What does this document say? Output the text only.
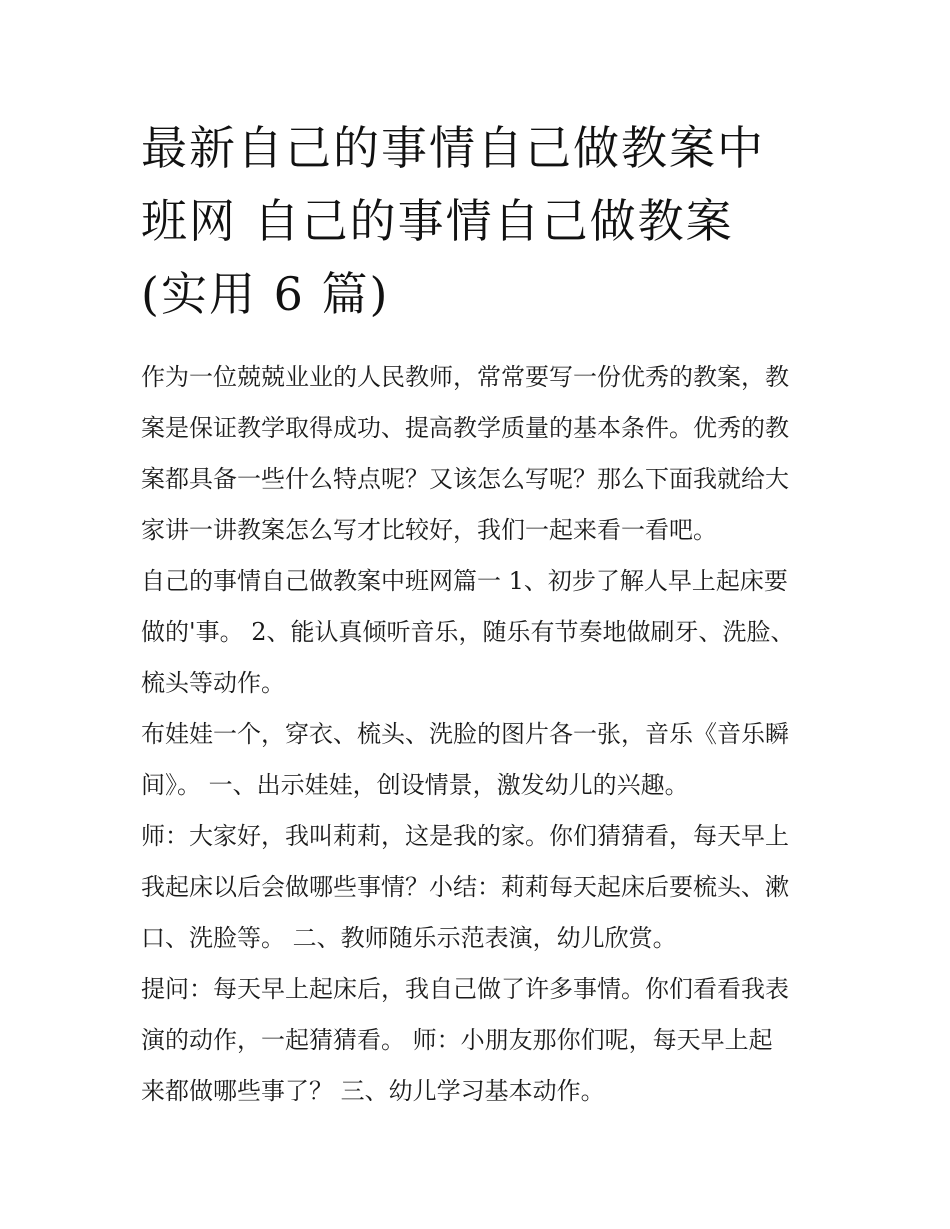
最新自己的事情自己做教案中
班网 自己的事情自己做教案
(实用 6 篇)

作为一位兢兢业业的人民教师，常常要写一份优秀的教案，教
案是保证教学取得成功、提高教学质量的基本条件。优秀的教
案都具备一些什么特点呢？又该怎么写呢？那么下面我就给大
家讲一讲教案怎么写才比较好，我们一起来看一看吧。

自己的事情自己做教案中班网篇一 1、初步了解人早上起床要
做的'事。 2、能认真倾听音乐，随乐有节奏地做刷牙、洗脸、
梳头等动作。

布娃娃一个，穿衣、梳头、洗脸的图片各一张，音乐《音乐瞬
间》。 一、出示娃娃，创设情景，激发幼儿的兴趣。

师：大家好，我叫莉莉，这是我的家。你们猜猜看，每天早上
我起床以后会做哪些事情？小结：莉莉每天起床后要梳头、漱
口、洗脸等。 二、教师随乐示范表演，幼儿欣赏。

提问：每天早上起床后，我自己做了许多事情。你们看看我表
演的动作，一起猜猜看。 师：小朋友那你们呢，每天早上起
来都做哪些事了？ 三、幼儿学习基本动作。
